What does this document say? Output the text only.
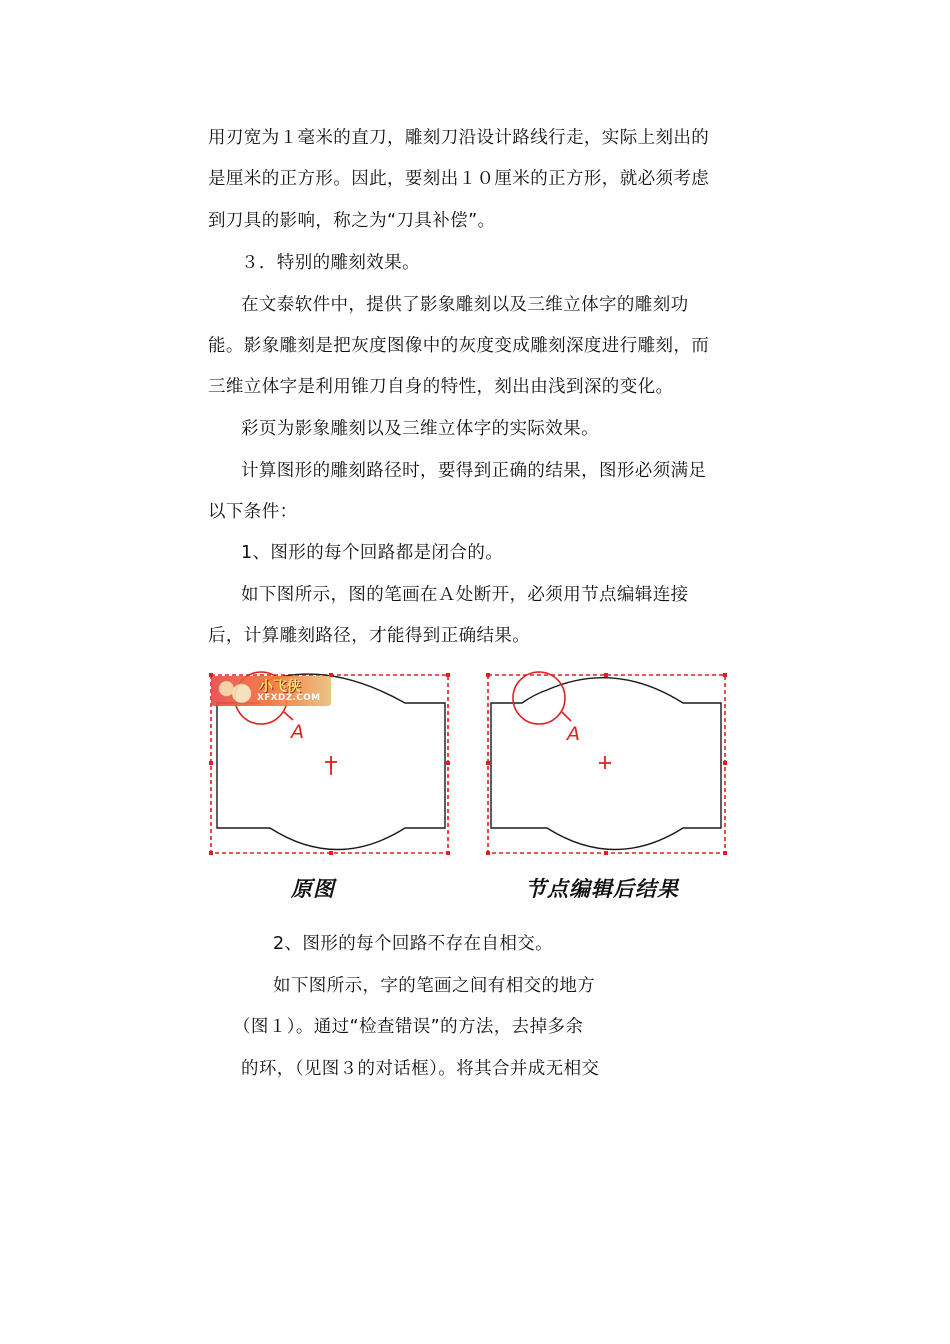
用刃宽为１毫米的直刀，雕刻刀沿设计路线行走，实际上刻出的
是厘米的正方形。因此，要刻出１０厘米的正方形，就必须考虑
到刀具的影响，称之为“刀具补偿”。
３．特别的雕刻效果。
在文泰软件中，提供了影象雕刻以及三维立体字的雕刻功
能。影象雕刻是把灰度图像中的灰度变成雕刻深度进行雕刻，而
三维立体字是利用锥刀自身的特性，刻出由浅到深的变化。
彩页为影象雕刻以及三维立体字的实际效果。
计算图形的雕刻路径时，要得到正确的结果，图形必须满足
以下条件：
1、图形的每个回路都是闭合的。
如下图所示，图的笔画在Ａ处断开，必须用节点编辑连接
后，计算雕刻路径，才能得到正确结果。
A	A
小飞侠
XFXDZ.COM
原图	节点编辑后结果
2、图形的每个回路不存在自相交。
如下图所示，字的笔画之间有相交的地方
（图１）。通过“检查错误”的方法，去掉多余
的环，（见图３的对话框）。将其合并成无相交
